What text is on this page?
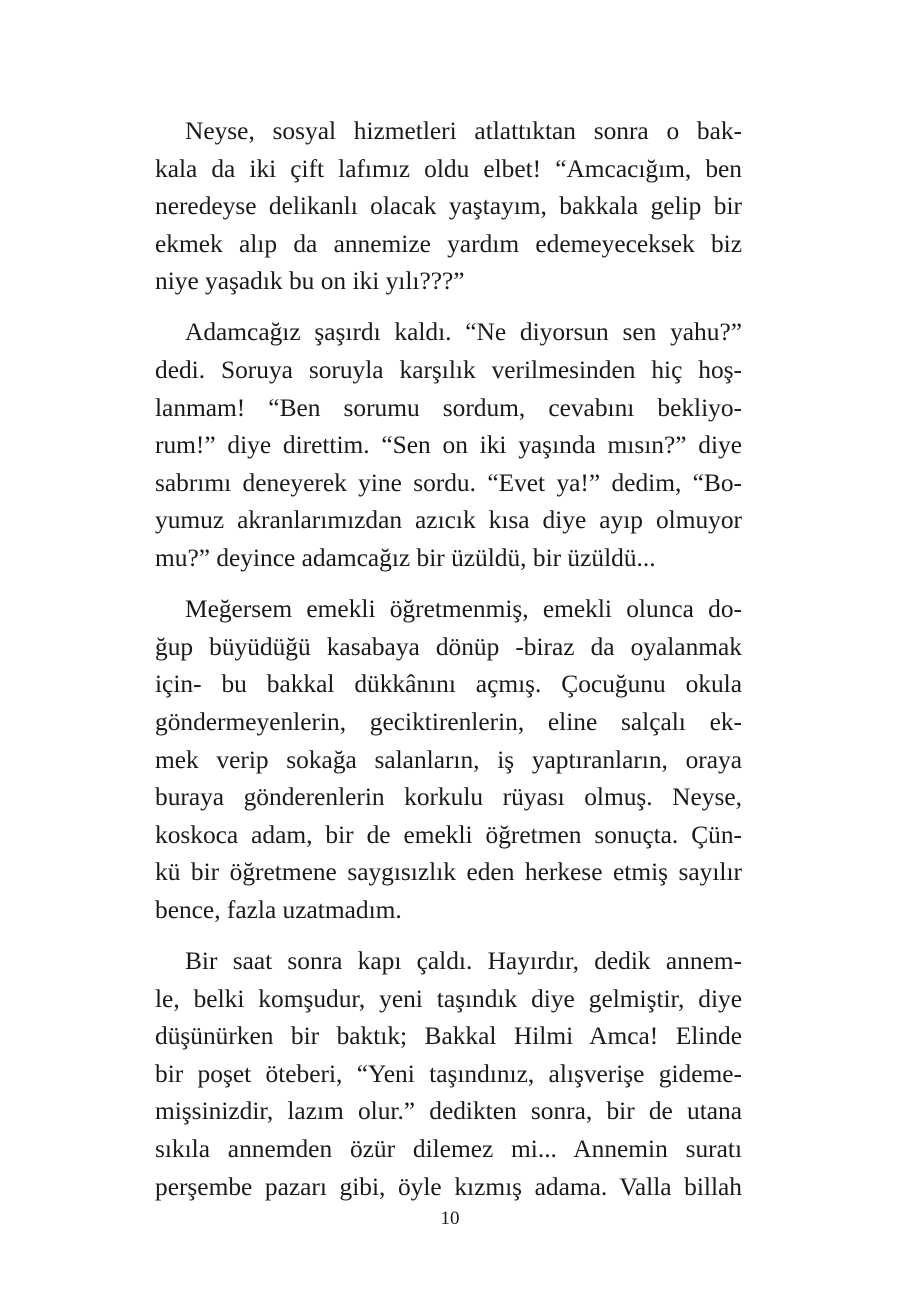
Neyse, sosyal hizmetleri atlattıktan sonra o bak-
kala da iki çift lafımız oldu elbet! “Amcacığım, ben
neredeyse delikanlı olacak yaştayım, bakkala gelip bir
ekmek alıp da annemize yardım edemeyeceksek biz
niye yaşadık bu on iki yılı???”

Adamcağız şaşırdı kaldı. “Ne diyorsun sen yahu?”
dedi. Soruya soruyla karşılık verilmesinden hiç hoş-
lanmam! “Ben sorumu sordum, cevabını bekliyo-
rum!” diye direttim. “Sen on iki yaşında mısın?” diye
sabrımı deneyerek yine sordu. “Evet ya!” dedim, “Bo-
yumuz akranlarımızdan azıcık kısa diye ayıp olmuyor
mu?” deyince adamcağız bir üzüldü, bir üzüldü...

Meğersem emekli öğretmenmiş, emekli olunca do-
ğup büyüdüğü kasabaya dönüp -biraz da oyalanmak
için- bu bakkal dükkânını açmış. Çocuğunu okula
göndermeyenlerin, geciktirenlerin, eline salçalı ek-
mek verip sokağa salanların, iş yaptıranların, oraya
buraya gönderenlerin korkulu rüyası olmuş. Neyse,
koskoca adam, bir de emekli öğretmen sonuçta. Çün-
kü bir öğretmene saygısızlık eden herkese etmiş sayılır
bence, fazla uzatmadım.

Bir saat sonra kapı çaldı. Hayırdır, dedik annem-
le, belki komşudur, yeni taşındık diye gelmiştir, diye
düşünürken bir baktık; Bakkal Hilmi Amca! Elinde
bir poşet öteberi, “Yeni taşındınız, alışverişe gideme-
mişsinizdir, lazım olur.” dedikten sonra, bir de utana
sıkıla annemden özür dilemez mi... Annemin suratı
perşembe pazarı gibi, öyle kızmış adama. Valla billah

10
